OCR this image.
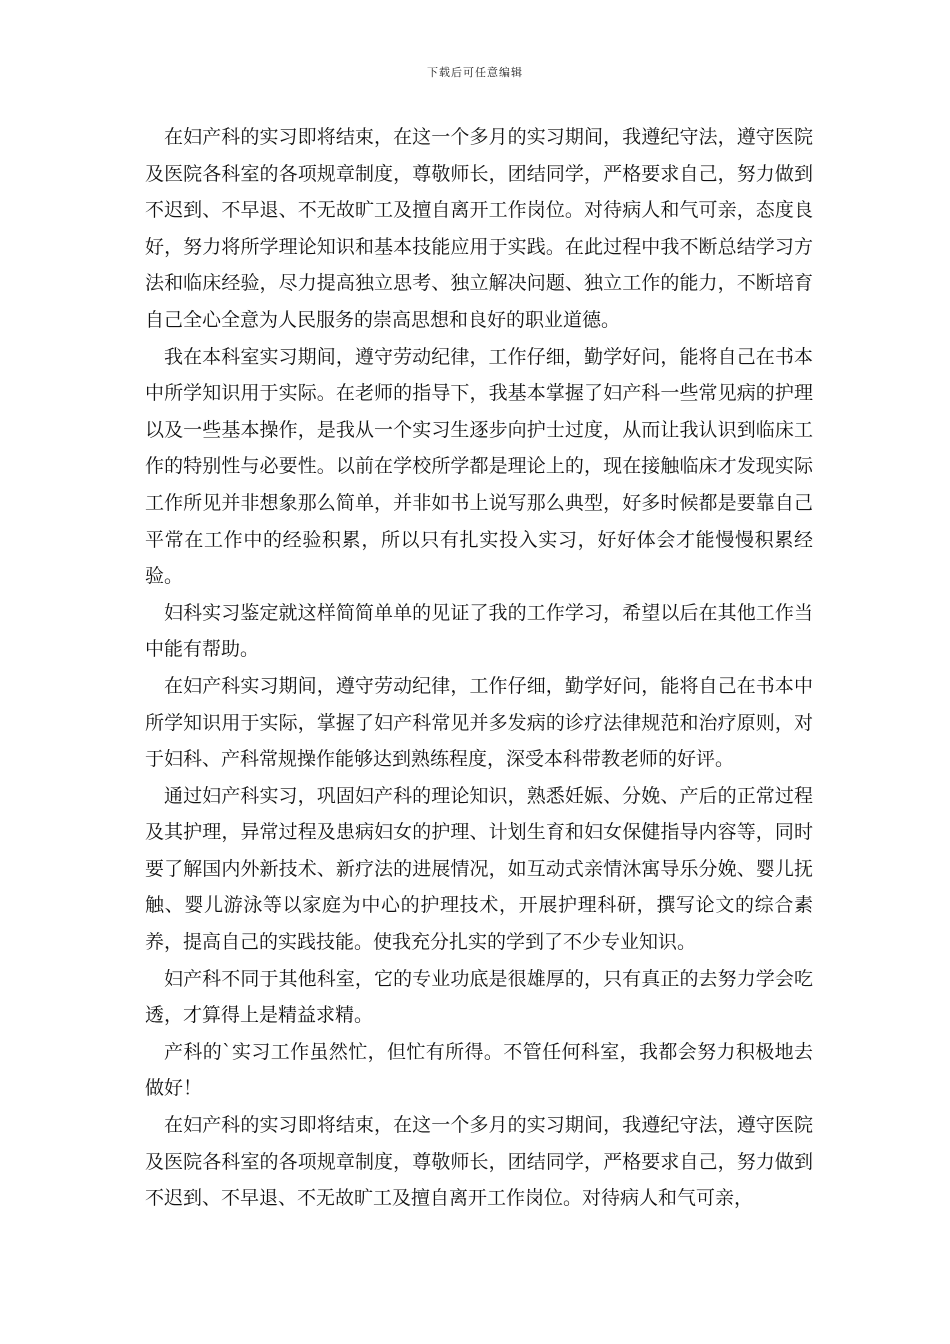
下载后可任意编辑

在妇产科的实习即将结束，在这一个多月的实习期间，我遵纪守法，遵守医院及医院各科室的各项规章制度，尊敬师长，团结同学，严格要求自己，努力做到不迟到、不早退、不无故旷工及擅自离开工作岗位。对待病人和气可亲，态度良好，努力将所学理论知识和基本技能应用于实践。在此过程中我不断总结学习方法和临床经验，尽力提高独立思考、独立解决问题、独立工作的能力，不断培育自己全心全意为人民服务的崇高思想和良好的职业道德。

我在本科室实习期间，遵守劳动纪律，工作仔细，勤学好问，能将自己在书本中所学知识用于实际。在老师的指导下，我基本掌握了妇产科一些常见病的护理以及一些基本操作，是我从一个实习生逐步向护士过度，从而让我认识到临床工作的特别性与必要性。以前在学校所学都是理论上的，现在接触临床才发现实际工作所见并非想象那么简单，并非如书上说写那么典型，好多时候都是要靠自己平常在工作中的经验积累，所以只有扎实投入实习，好好体会才能慢慢积累经验。

妇科实习鉴定就这样简简单单的见证了我的工作学习，希望以后在其他工作当中能有帮助。

在妇产科实习期间，遵守劳动纪律，工作仔细，勤学好问，能将自己在书本中所学知识用于实际，掌握了妇产科常见并多发病的诊疗法律规范和治疗原则，对于妇科、产科常规操作能够达到熟练程度，深受本科带教老师的好评。

通过妇产科实习，巩固妇产科的理论知识，熟悉妊娠、分娩、产后的正常过程及其护理，异常过程及患病妇女的护理、计划生育和妇女保健指导内容等，同时要了解国内外新技术、新疗法的进展情况，如互动式亲情沐寓导乐分娩、婴儿抚触、婴儿游泳等以家庭为中心的护理技术，开展护理科研，撰写论文的综合素养，提高自己的实践技能。使我充分扎实的学到了不少专业知识。

妇产科不同于其他科室，它的专业功底是很雄厚的，只有真正的去努力学会吃透，才算得上是精益求精。

产科的`实习工作虽然忙，但忙有所得。不管任何科室，我都会努力积极地去做好！

在妇产科的实习即将结束，在这一个多月的实习期间，我遵纪守法，遵守医院及医院各科室的各项规章制度，尊敬师长，团结同学，严格要求自己，努力做到不迟到、不早退、不无故旷工及擅自离开工作岗位。对待病人和气可亲，
